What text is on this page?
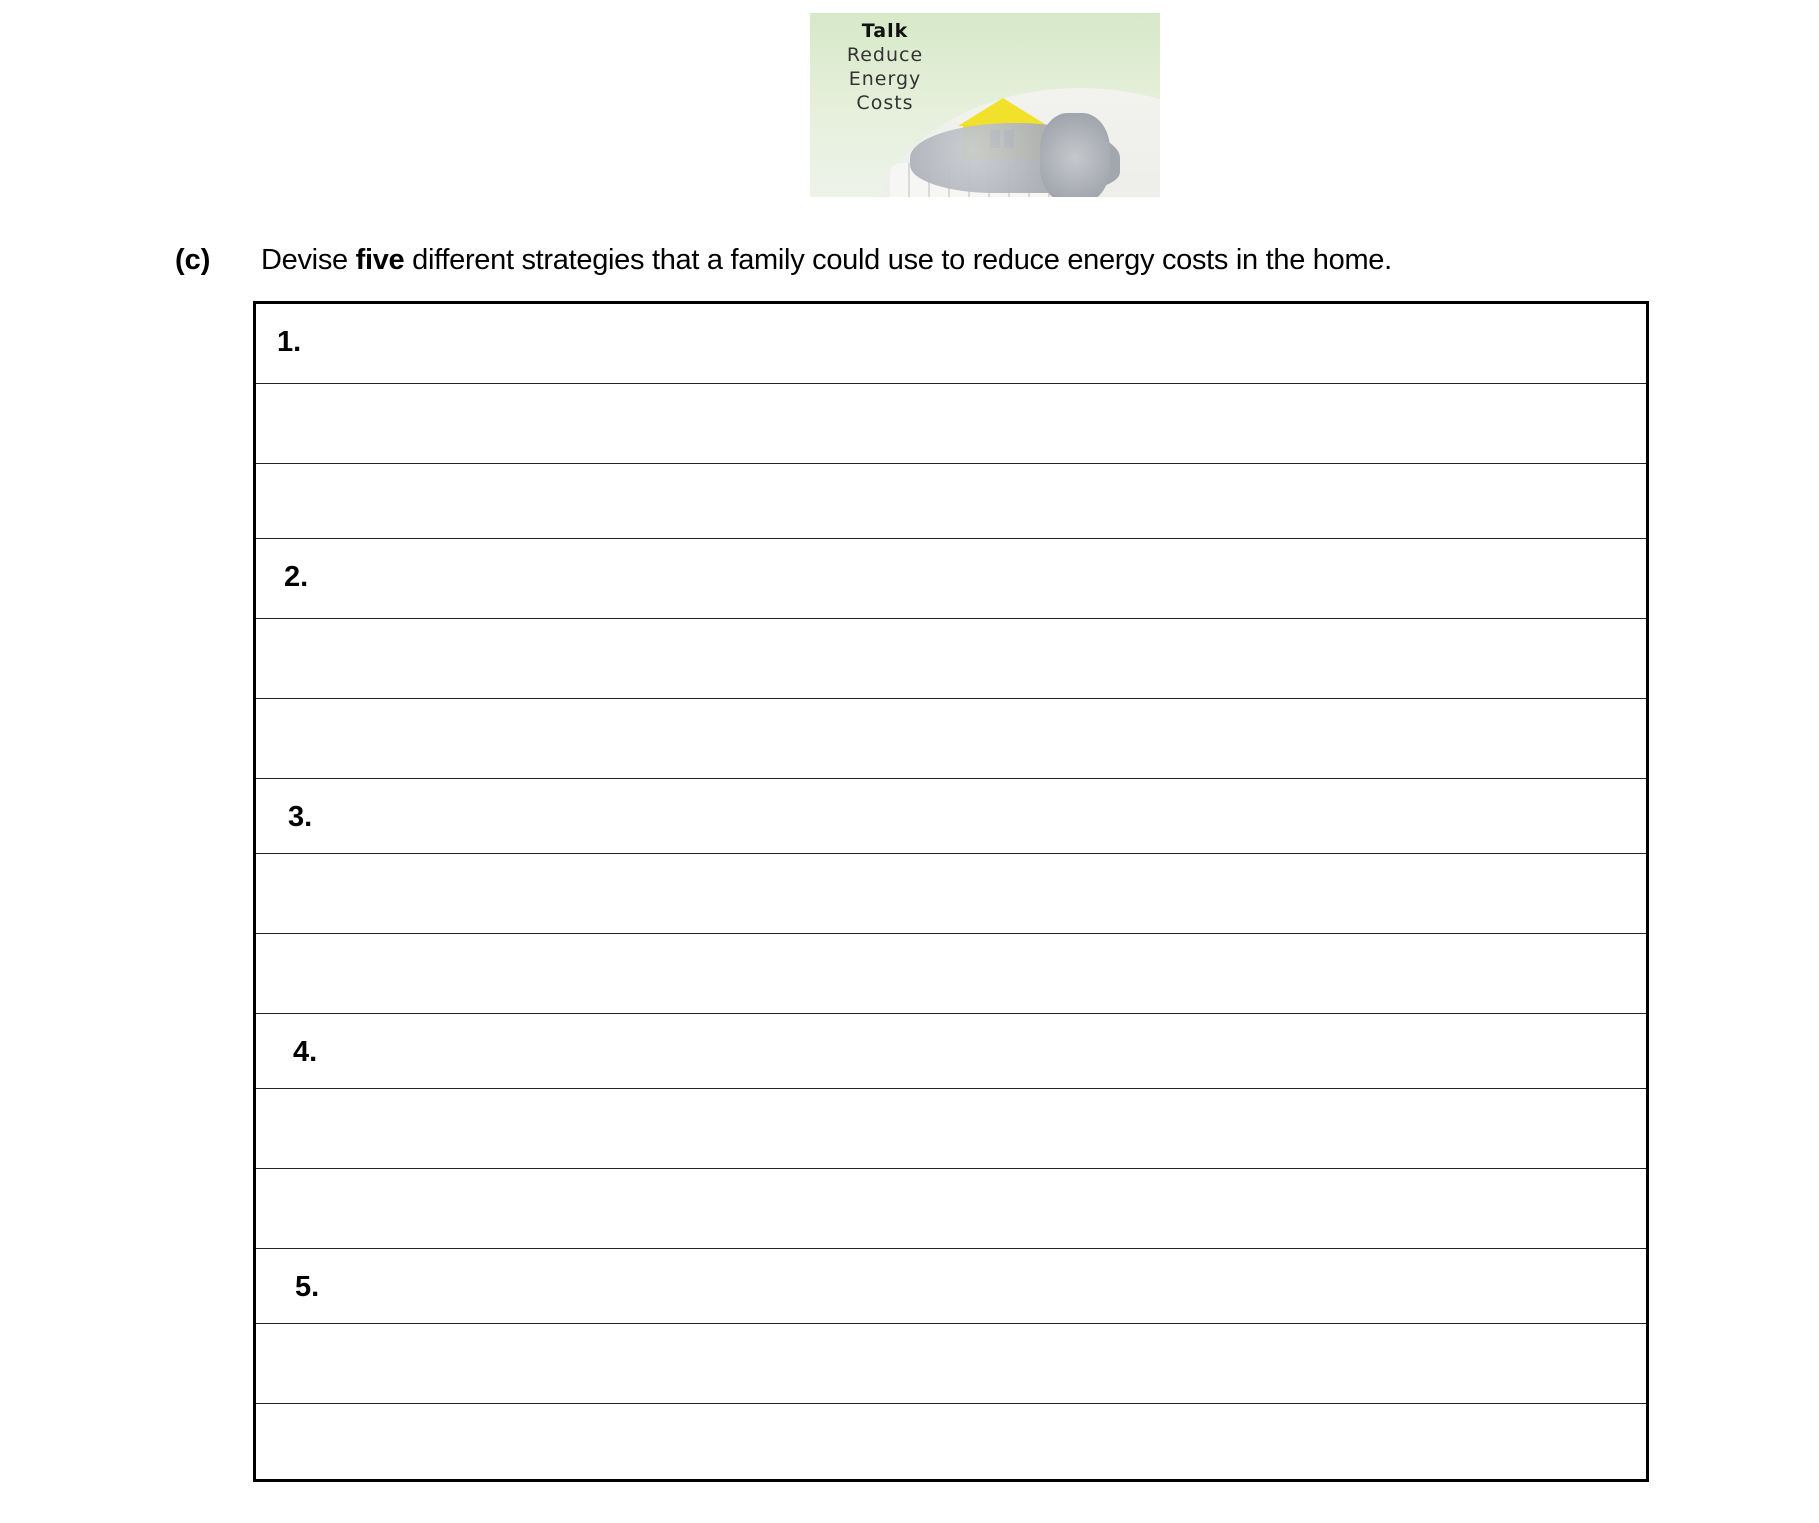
Talk
Reduce
Energy
Costs
(c) Devise five different strategies that a family could use to reduce energy costs in the home.
1.
2.
3.
4.
5.
